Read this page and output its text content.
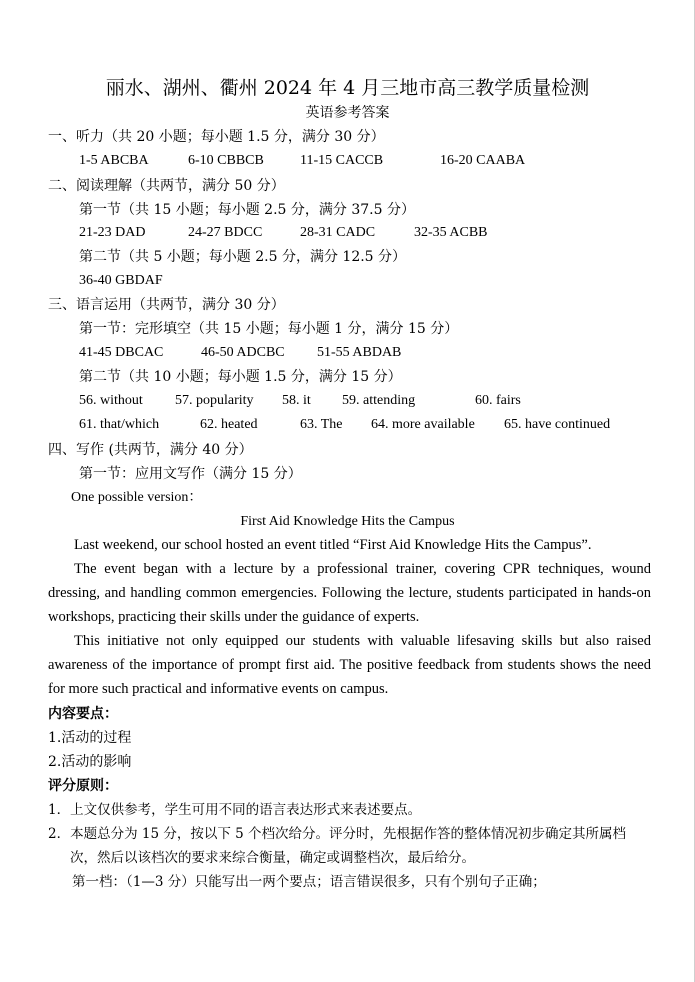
丽水、湖州、衢州 2024 年 4 月三地市高三教学质量检测
英语参考答案
一、听力（共 20 小题；每小题 1.5 分，满分 30 分）
1-5 ABCBA	6-10 CBBCB	11-15 CACCB	16-20 CAABA
二、阅读理解（共两节，满分 50 分）
第一节（共 15 小题；每小题 2.5 分，满分 37.5 分）
21-23 DAD	24-27 BDCC	28-31 CADC	32-35 ACBB
第二节（共 5 小题；每小题 2.5 分，满分 12.5 分）
36-40 GBDAF
三、语言运用（共两节，满分 30 分）
第一节：完形填空（共 15 小题；每小题 1 分，满分 15 分）
41-45 DBCAC	46-50 ADCBC	51-55 ABDAB
第二节（共 10 小题；每小题 1.5 分，满分 15 分）
56. without	57. popularity	58. it	59. attending	60. fairs
61. that/which	62. heated	63. The	64. more available	65. have continued
四、写作 (共两节，满分 40 分）
第一节：应用文写作（满分 15 分）
One possible version：
First Aid Knowledge Hits the Campus
Last weekend, our school hosted an event titled “First Aid Knowledge Hits the Campus”.
The event began with a lecture by a professional trainer, covering CPR techniques, wound dressing, and handling common emergencies. Following the lecture, students participated in hands-on workshops, practicing their skills under the guidance of experts.
This initiative not only equipped our students with valuable lifesaving skills but also raised awareness of the importance of prompt first aid. The positive feedback from students shows the need for more such practical and informative events on campus.
内容要点：
1.活动的过程
2.活动的影响
评分原则：
1．上文仅供参考，学生可用不同的语言表达形式来表述要点。
2．本题总分为 15 分，按以下 5 个档次给分。评分时，先根据作答的整体情况初步确定其所属档次，然后以该档次的要求来综合衡量，确定或调整档次，最后给分。
第一档：（1—3 分）只能写出一两个要点；语言错误很多，只有个别句子正确；
